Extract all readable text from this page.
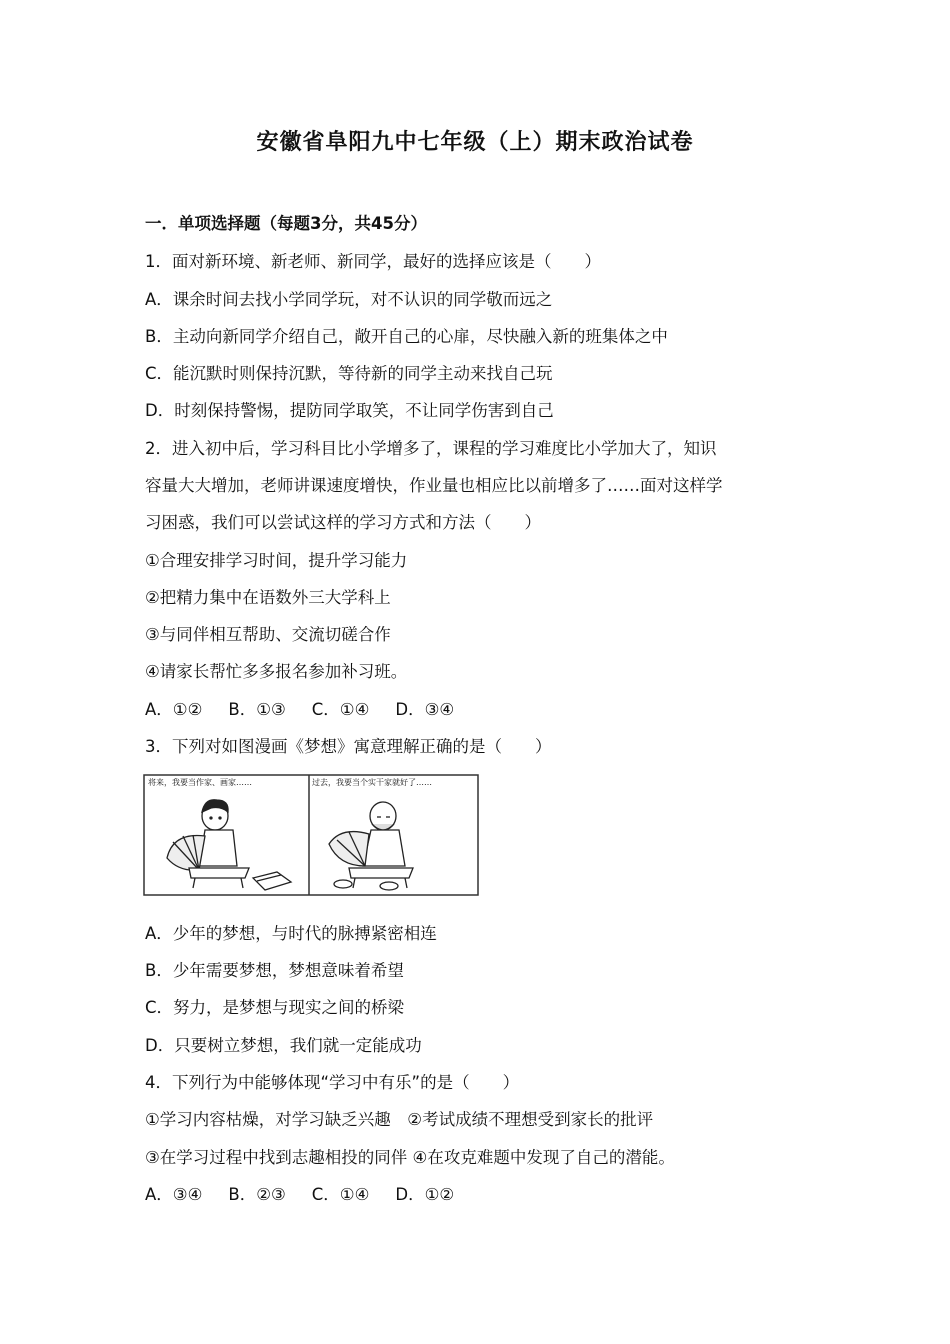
安徽省阜阳九中七年级（上）期末政治试卷
一．单项选择题（每题3分，共45分）
1．面对新环境、新老师、新同学，最好的选择应该是（　　）
A．课余时间去找小学同学玩，对不认识的同学敬而远之
B．主动向新同学介绍自己，敞开自己的心扉，尽快融入新的班集体之中
C．能沉默时则保持沉默，等待新的同学主动来找自己玩
D．时刻保持警惕，提防同学取笑，不让同学伤害到自己
2．进入初中后，学习科目比小学增多了，课程的学习难度比小学加大了，知识
容量大大增加，老师讲课速度增快，作业量也相应比以前增多了……面对这样学
习困惑，我们可以尝试这样的学习方式和方法（　　）
①合理安排学习时间，提升学习能力
②把精力集中在语数外三大学科上
③与同伴相互帮助、交流切磋合作
④请家长帮忙多多报名参加补习班。
A．①② B．①③ C．①④ D．③④
3．下列对如图漫画《梦想》寓意理解正确的是（　　）
将来，我要当作家、画家……	过去，我要当个实干家就好了……
A．少年的梦想，与时代的脉搏紧密相连
B．少年需要梦想，梦想意味着希望
C．努力，是梦想与现实之间的桥梁
D．只要树立梦想，我们就一定能成功
4．下列行为中能够体现“学习中有乐”的是（　　）
①学习内容枯燥，对学习缺乏兴趣　②考试成绩不理想受到家长的批评
③在学习过程中找到志趣相投的同伴 ④在攻克难题中发现了自己的潜能。
A．③④ B．②③ C．①④ D．①②
